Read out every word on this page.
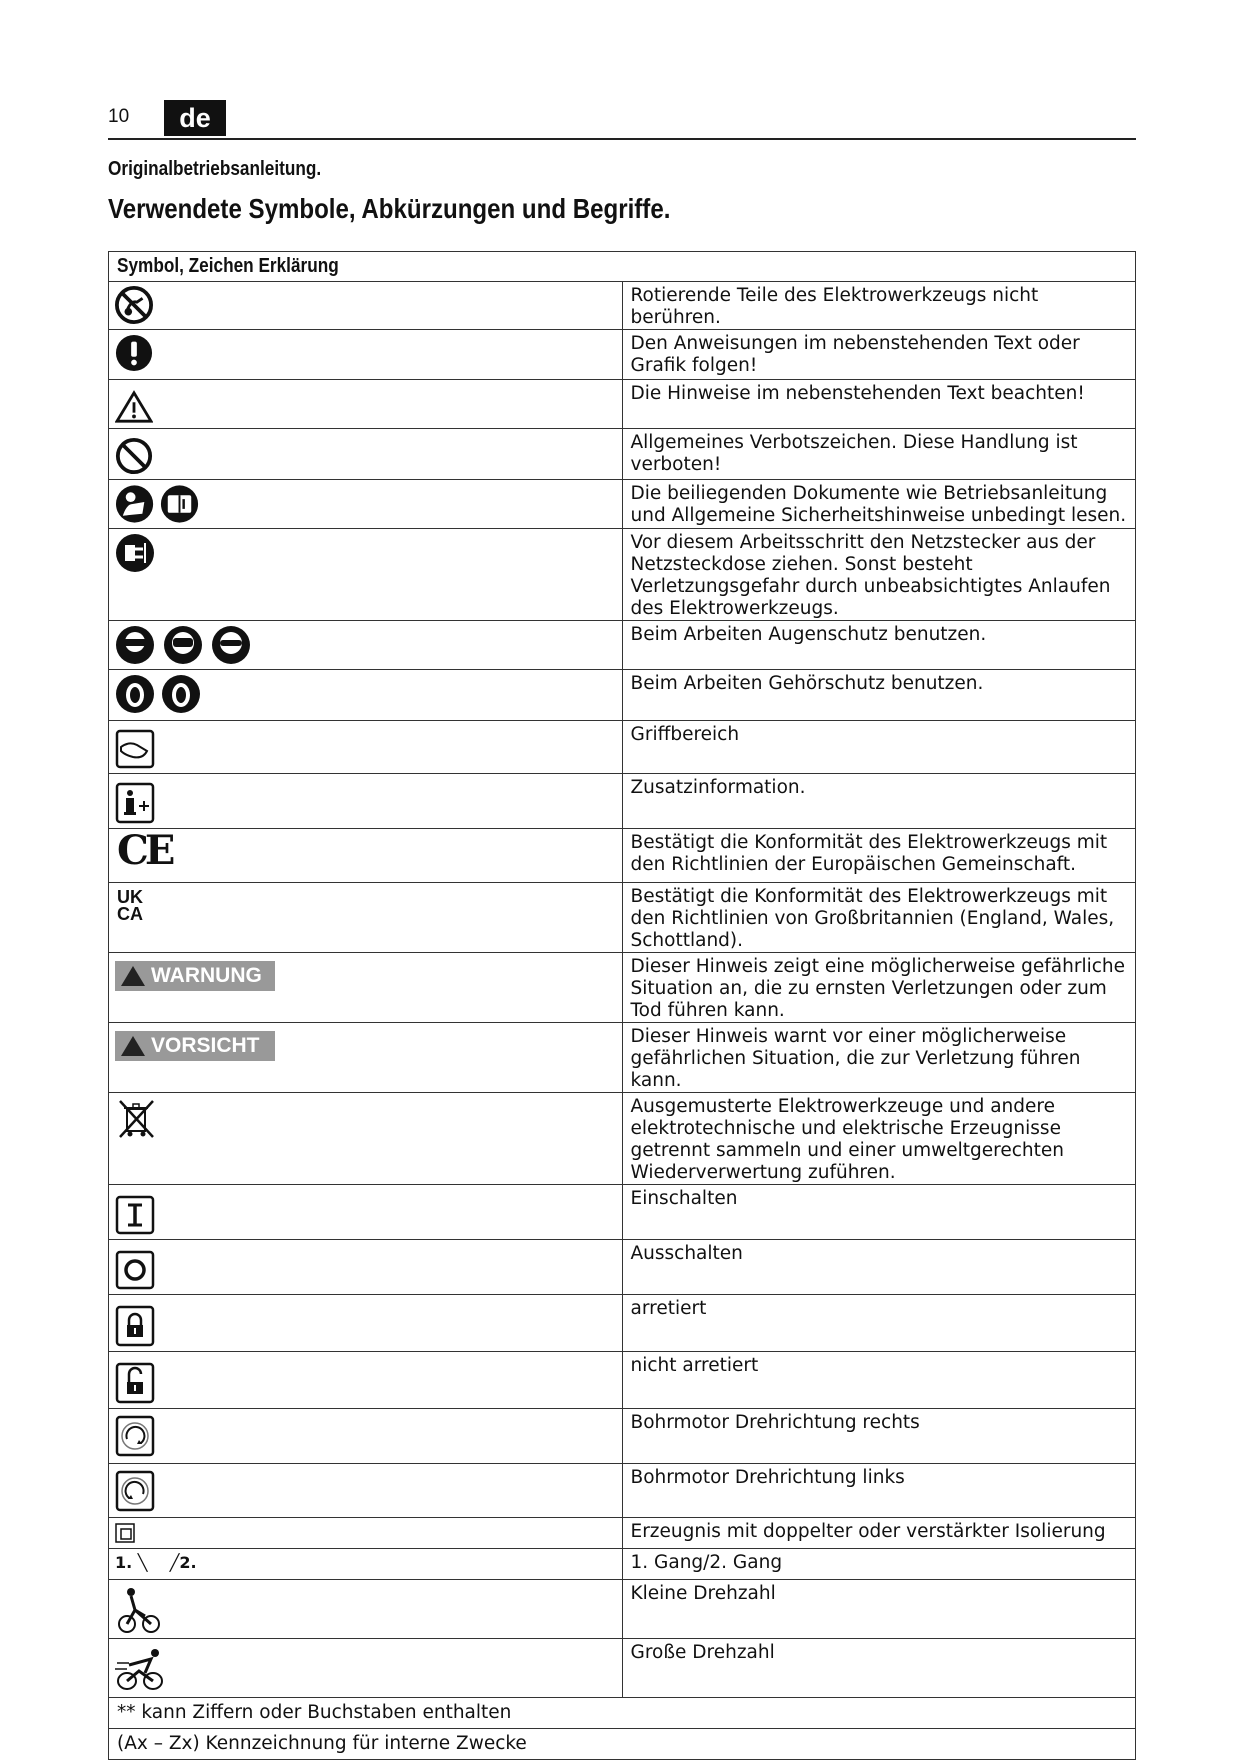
10	de
Originalbetriebsanleitung.
Verwendete Symbole, Abkürzungen und Begriffe.
Symbol, Zeichen Erklärung	

	Rotierende Teile des Elektrowerkzeugs nicht berühren.

	Den Anweisungen im nebenstehenden Text oder Grafik folgen!

	Die Hinweise im nebenstehenden Text beachten!

	Allgemeines Verbotszeichen. Diese Handlung ist verboten!

	Die beiliegenden Dokumente wie Betriebsanleitung und Allgemeine Sicherheitshinweise unbedingt lesen.

	Vor diesem Arbeitsschritt den Netzstecker aus der Netzsteckdose ziehen. Sonst besteht Verletzungsgefahr durch unbeabsichtigtes Anlaufen des Elektrowerkzeugs.

	Beim Arbeiten Augenschutz benutzen.

	Beim Arbeiten Gehörschutz benutzen.

	Griffbereich

	Zusatzinformation.

CE	Bestätigt die Konformität des Elektrowerkzeugs mit den Richtlinien der Europäischen Gemeinschaft.

UK
CA	Bestätigt die Konformität des Elektrowerkzeugs mit den Richtlinien von Großbritannien (England, Wales, Schottland).

WARNUNG	Dieser Hinweis zeigt eine möglicherweise gefährliche Situation an, die zu ernsten Verletzungen oder zum Tod führen kann.

VORSICHT	Dieser Hinweis warnt vor einer möglicherweise gefährlichen Situation, die zur Verletzung führen kann.

	Ausgemusterte Elektrowerkzeuge und andere elektrotechnische und elektrische Erzeugnisse getrennt sammeln und einer umweltgerechten Wiederverwertung zuführen.

	Einschalten

	Ausschalten

	arretiert

	nicht arretiert

	Bohrmotor Drehrichtung rechts

	Bohrmotor Drehrichtung links

	Erzeugnis mit doppelter oder verstärkter Isolierung

1. ╲    ╱2.	1. Gang/2. Gang

	Kleine Drehzahl

	Große Drehzahl
** kann Ziffern oder Buchstaben enthalten	
(Ax – Zx) Kennzeichnung für interne Zwecke	
